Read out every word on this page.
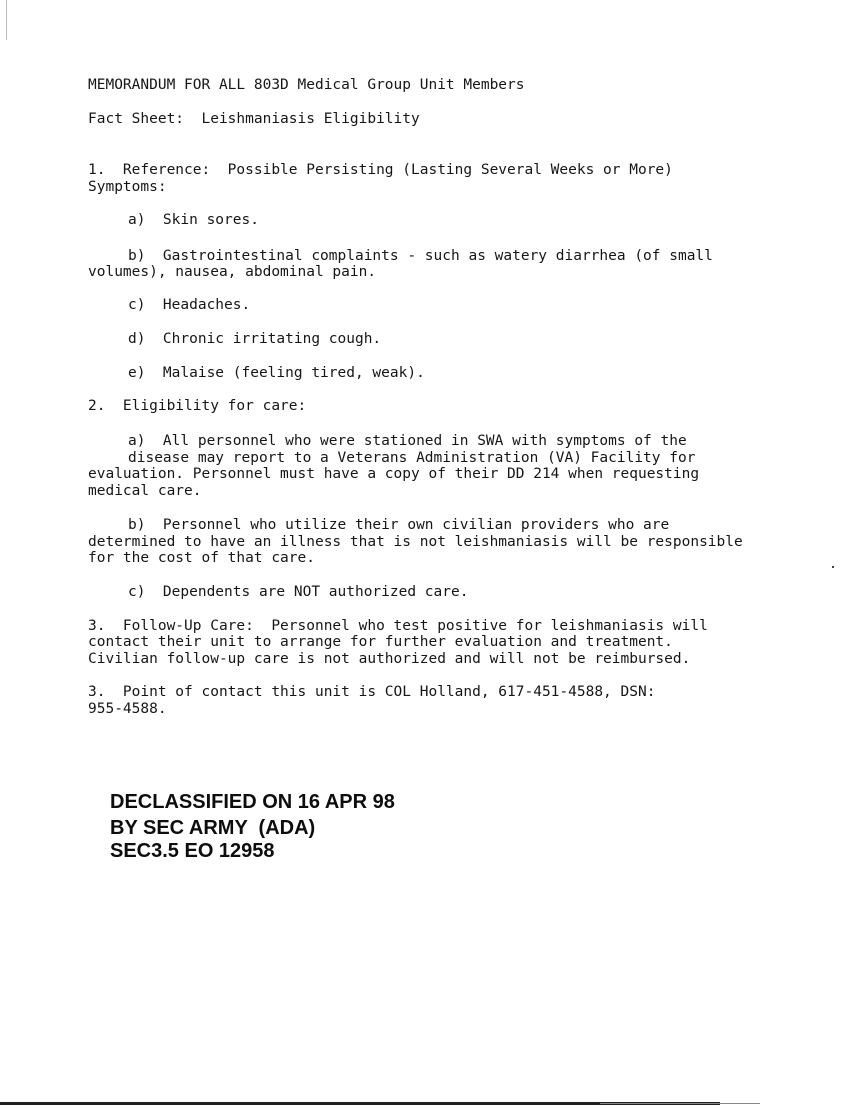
MEMORANDUM FOR ALL 803D Medical Group Unit Members
Fact Sheet:  Leishmaniasis Eligibility
1.  Reference:  Possible Persisting (Lasting Several Weeks or More)
Symptoms:
a)  Skin sores.
b)  Gastrointestinal complaints - such as watery diarrhea (of small
volumes), nausea, abdominal pain.
c)  Headaches.
d)  Chronic irritating cough.
e)  Malaise (feeling tired, weak).
2.  Eligibility for care:
a)  All personnel who were stationed in SWA with symptoms of the
disease may report to a Veterans Administration (VA) Facility for
evaluation. Personnel must have a copy of their DD 214 when requesting
medical care.
b)  Personnel who utilize their own civilian providers who are
determined to have an illness that is not leishmaniasis will be responsible
for the cost of that care.
c)  Dependents are NOT authorized care.
3.  Follow-Up Care:  Personnel who test positive for leishmaniasis will
contact their unit to arrange for further evaluation and treatment.
Civilian follow-up care is not authorized and will not be reimbursed.
3.  Point of contact this unit is COL Holland, 617-451-4588, DSN:
955-4588.
DECLASSIFIED ON 16 APR 98
BY SEC ARMY  (ADA)
SEC3.5 EO 12958
